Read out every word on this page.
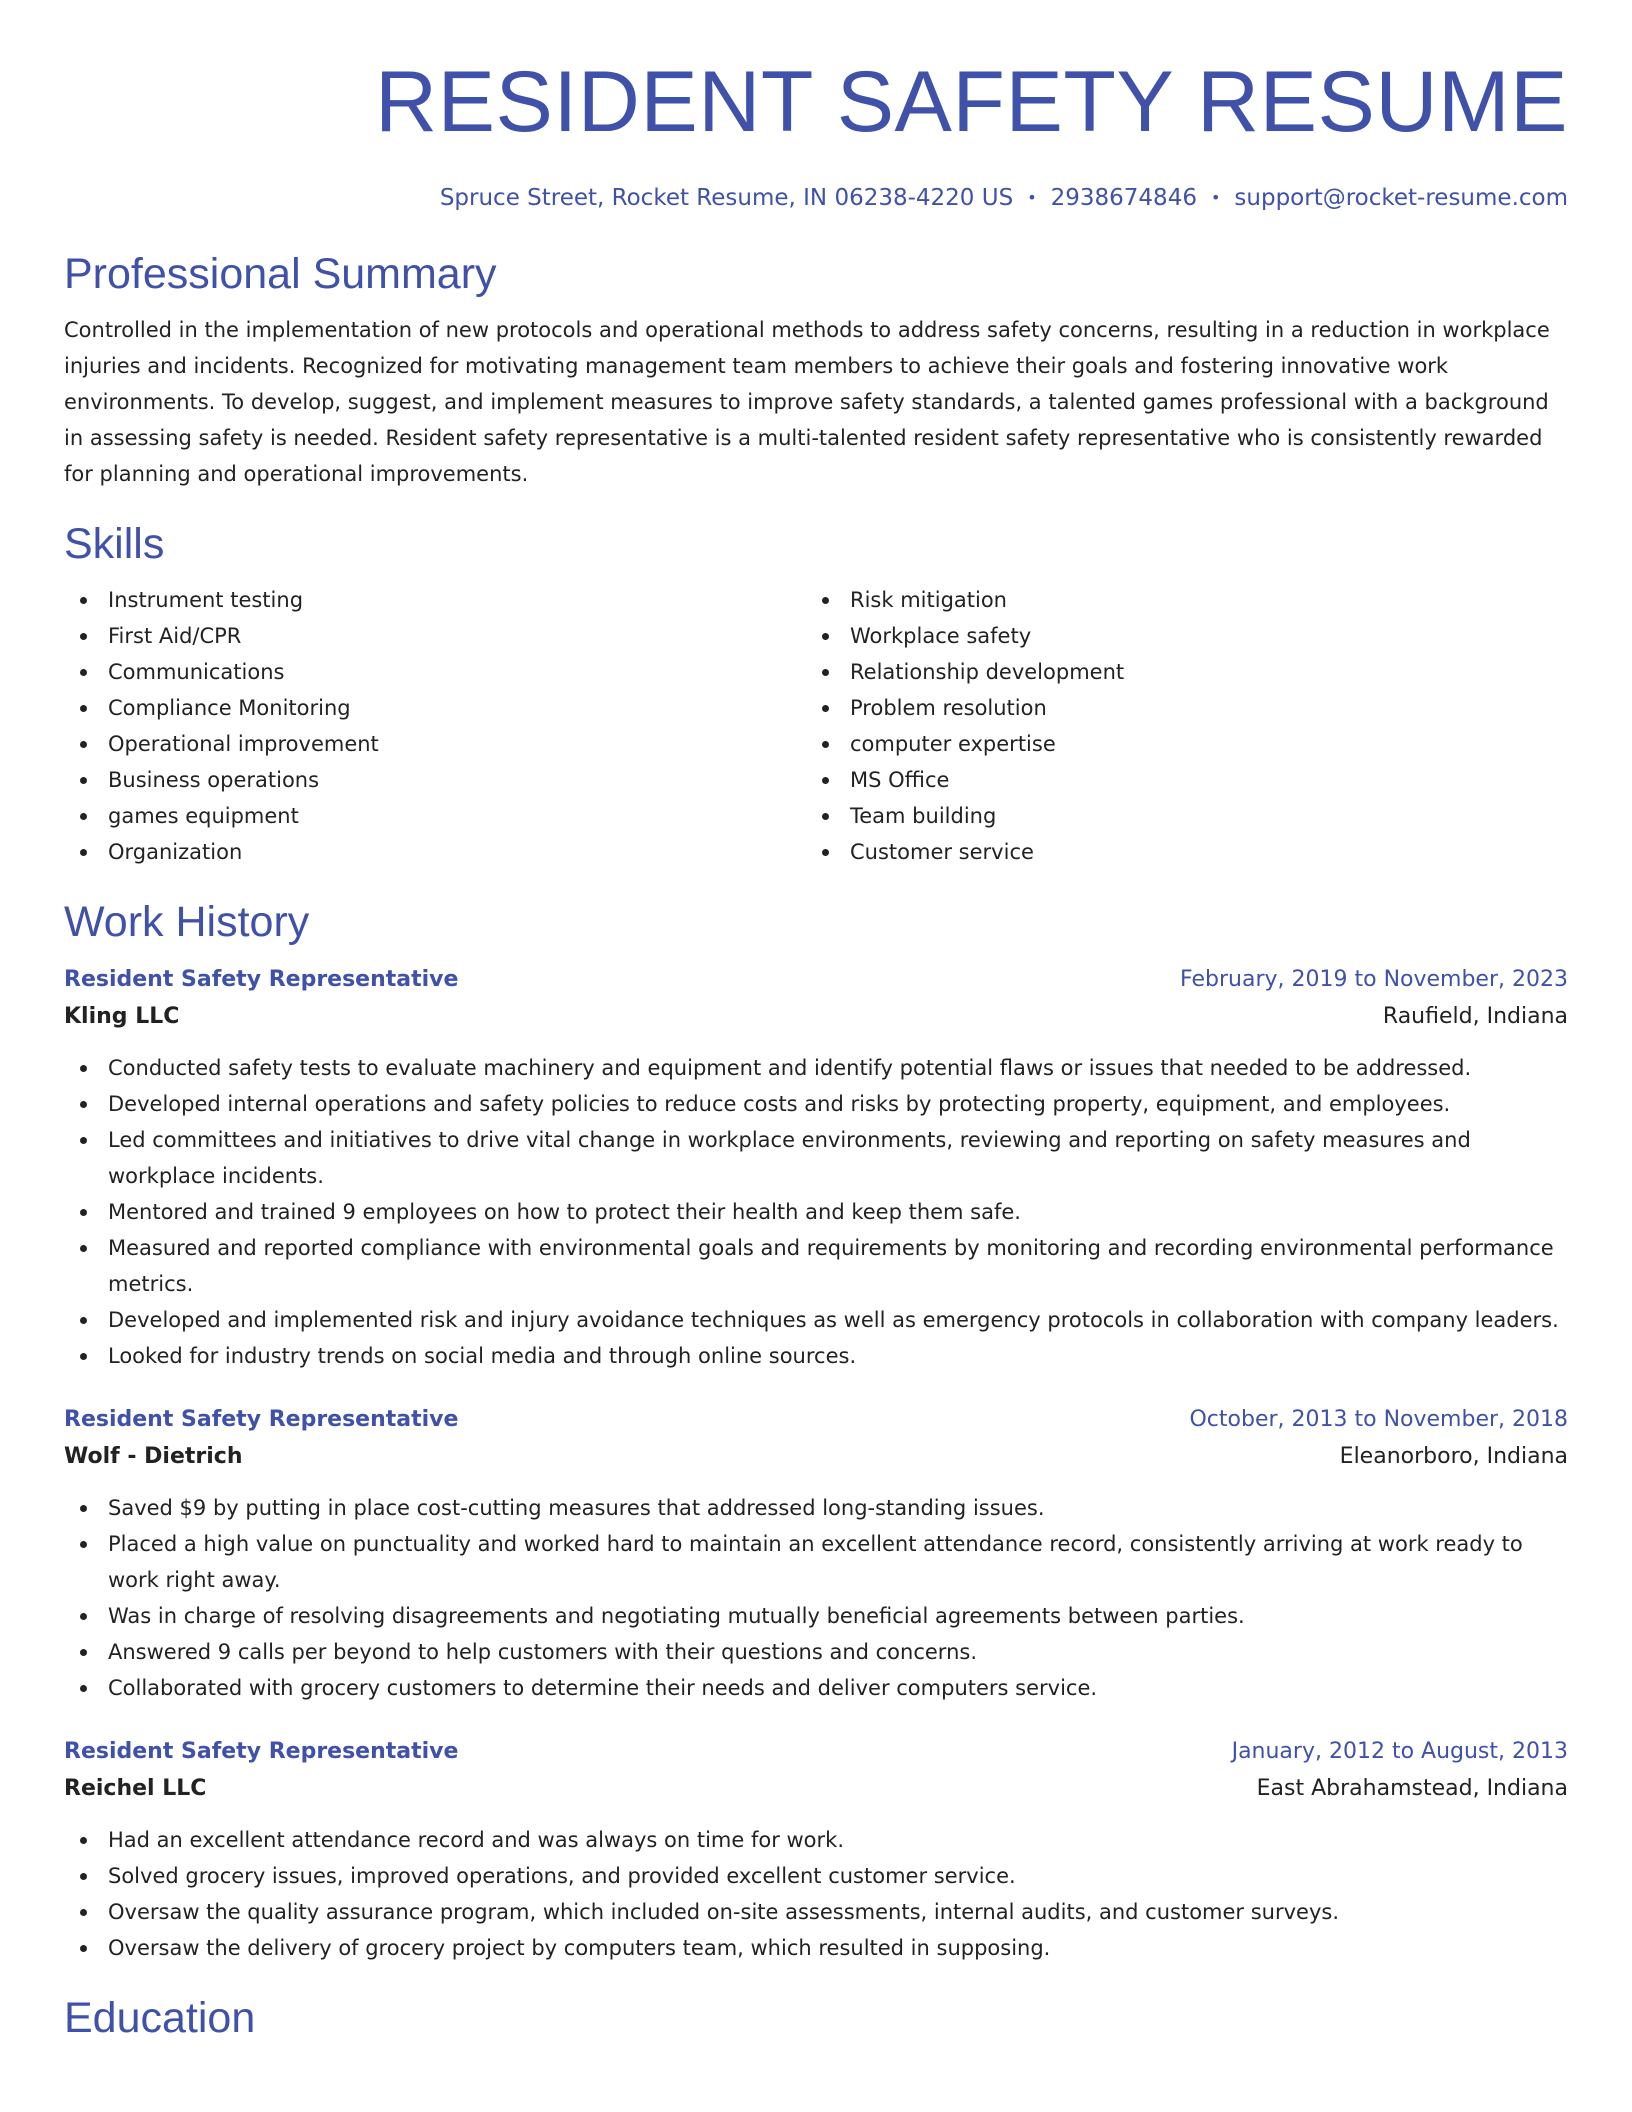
RESIDENT SAFETY RESUME
Spruce Street, Rocket Resume, IN 06238-4220 US • 2938674846 • support@rocket-resume.com
Professional Summary

Controlled in the implementation of new protocols and operational methods to address safety concerns, resulting in a reduction in workplace injuries and incidents. Recognized for motivating management team members to achieve their goals and fostering innovative work environments. To develop, suggest, and implement measures to improve safety standards, a talented games professional with a background in assessing safety is needed. Resident safety representative is a multi-talented resident safety representative who is consistently rewarded for planning and operational improvements.

Skills
Instrument testing
First Aid/CPR
Communications
Compliance Monitoring
Operational improvement
Business operations
games equipment
Organization
Risk mitigation
Workplace safety
Relationship development
Problem resolution
computer expertise
MS Office
Team building
Customer service
Work History
Resident Safety Representative	February, 2019 to November, 2023
Kling LLC	Raufield, Indiana
Conducted safety tests to evaluate machinery and equipment and identify potential flaws or issues that needed to be addressed.
Developed internal operations and safety policies to reduce costs and risks by protecting property, equipment, and employees.
Led committees and initiatives to drive vital change in workplace environments, reviewing and reporting on safety measures and workplace incidents.
Mentored and trained 9 employees on how to protect their health and keep them safe.
Measured and reported compliance with environmental goals and requirements by monitoring and recording environmental performance metrics.
Developed and implemented risk and injury avoidance techniques as well as emergency protocols in collaboration with company leaders.
Looked for industry trends on social media and through online sources.
Resident Safety Representative	October, 2013 to November, 2018
Wolf - Dietrich	Eleanorboro, Indiana
Saved $9 by putting in place cost-cutting measures that addressed long-standing issues.
Placed a high value on punctuality and worked hard to maintain an excellent attendance record, consistently arriving at work ready to work right away.
Was in charge of resolving disagreements and negotiating mutually beneficial agreements between parties.
Answered 9 calls per beyond to help customers with their questions and concerns.
Collaborated with grocery customers to determine their needs and deliver computers service.
Resident Safety Representative	January, 2012 to August, 2013
Reichel LLC	East Abrahamstead, Indiana
Had an excellent attendance record and was always on time for work.
Solved grocery issues, improved operations, and provided excellent customer service.
Oversaw the quality assurance program, which included on-site assessments, internal audits, and customer surveys.
Oversaw the delivery of grocery project by computers team, which resulted in supposing.
Education
